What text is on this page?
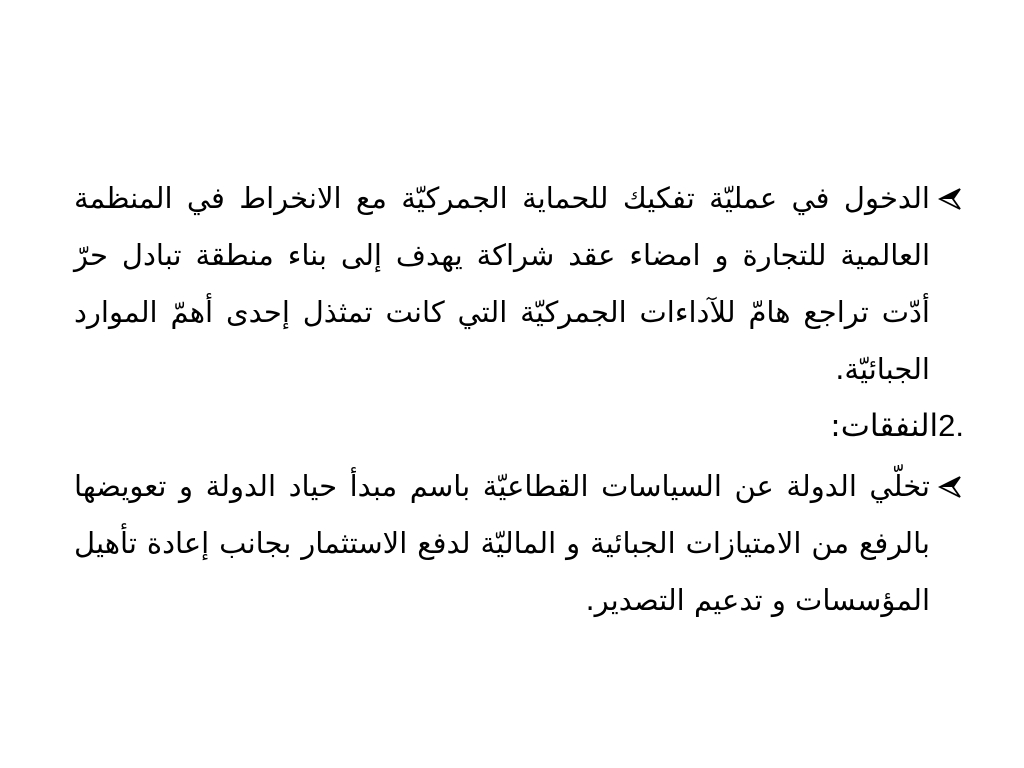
الدخول في عمليّة تفكيك للحماية الجمركيّة مع الانخراط في المنظمة العالمية للتجارة و امضاء عقد شراكة يهدف إلى بناء منطقة تبادل حرّ أدّت تراجع هامّ للآداءات الجمركيّة التي كانت تمثذل إحدى أهمّ الموارد الجبائيّة.

2.النفقات:

تخلّي الدولة عن السياسات القطاعيّة باسم مبدأ حياد الدولة و تعويضها بالرفع من الامتيازات الجبائية و الماليّة لدفع الاستثمار بجانب إعادة تأهيل المؤسسات و تدعيم التصدير.
